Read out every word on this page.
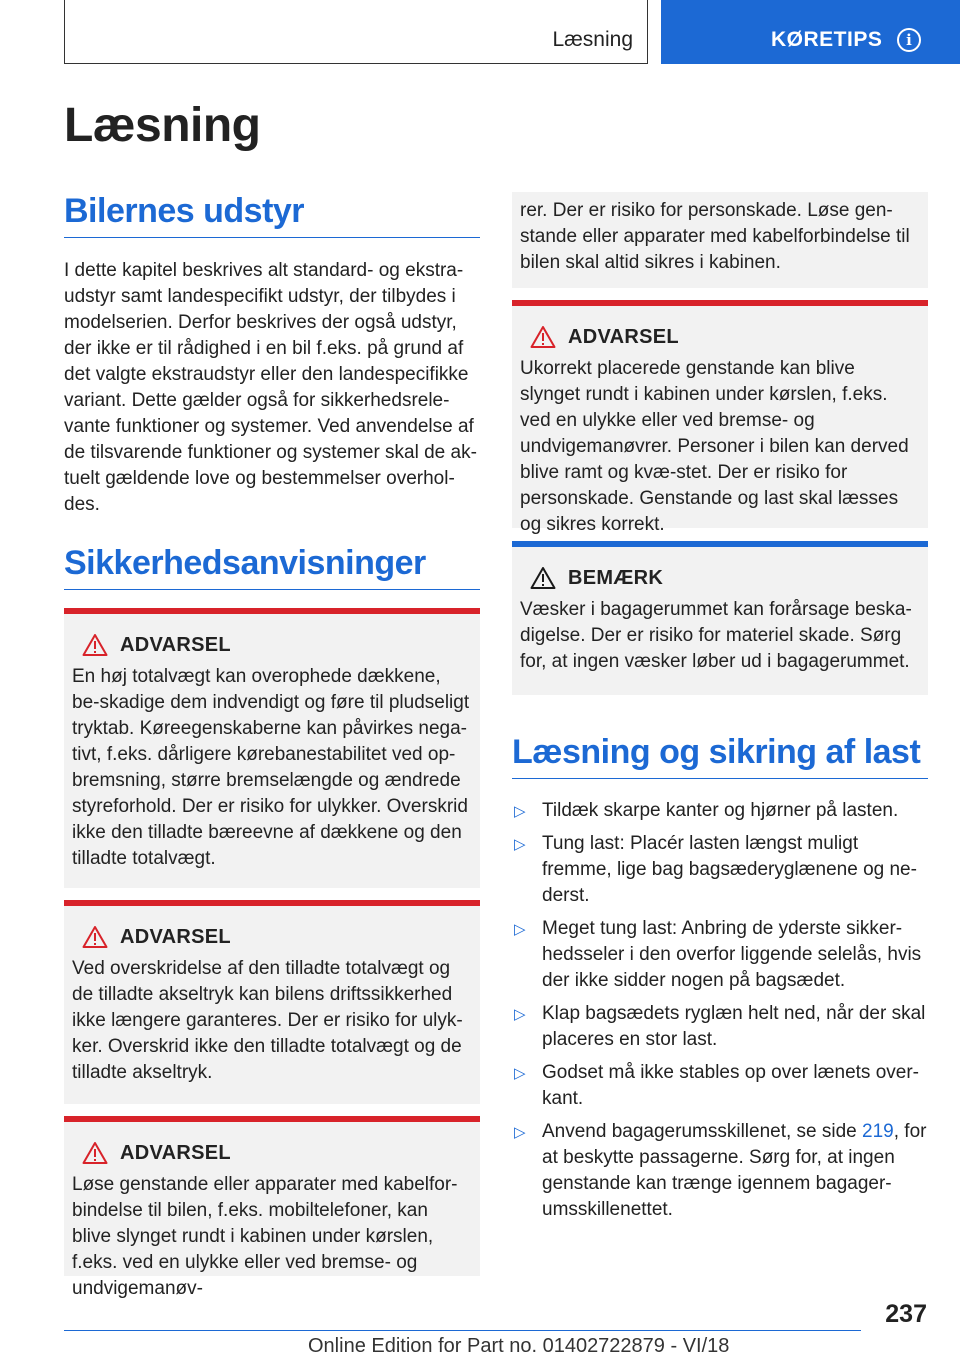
Læsning	KØRETIPS	i
Læsning
Bilernes udstyr

I dette kapitel beskrives alt standard- og ekstra-udstyr samt landespecifikt udstyr, der tilbydes i modelserien. Derfor beskrives der også udstyr, der ikke er til rådighed i en bil f.eks. på grund af det valgte ekstraudstyr eller den landespecifikke variant. Dette gælder også for sikkerhedsrele-vante funktioner og systemer. Ved anvendelse af de tilsvarende funktioner og systemer skal de ak-tuelt gældende love og bestemmelser overhol-des.

Sikkerhedsanvisninger
ADVARSEL

En høj totalvægt kan overophede dækkene, be-skadige dem indvendigt og føre til pludseligt tryktab. Køreegenskaberne kan påvirkes nega-tivt, f.eks. dårligere kørebanestabilitet ved op-bremsning, større bremselængde og ændrede styreforhold. Der er risiko for ulykker. Overskrid ikke den tilladte bæreevne af dækkene og den tilladte totalvægt.

ADVARSEL

Ved overskridelse af den tilladte totalvægt og de tilladte akseltryk kan bilens driftssikkerhed ikke længere garanteres. Der er risiko for ulyk-ker. Overskrid ikke den tilladte totalvægt og de tilladte akseltryk.

ADVARSEL

Løse genstande eller apparater med kabelfor-bindelse til bilen, f.eks. mobiltelefoner, kan blive slynget rundt i kabinen under kørslen, f.eks. ved en ulykke eller ved bremse- og undvigemanøv-

rer. Der er risiko for personskade. Løse gen-stande eller apparater med kabelforbindelse til bilen skal altid sikres i kabinen.

ADVARSEL

Ukorrekt placerede genstande kan blive slynget rundt i kabinen under kørslen, f.eks. ved en ulykke eller ved bremse- og undvigemanøvrer. Personer i bilen kan derved blive ramt og kvæ-stet. Der er risiko for personskade. Genstande og last skal læsses og sikres korrekt.

BEMÆRK

Væsker i bagagerummet kan forårsage beska-digelse. Der er risiko for materiel skade. Sørg for, at ingen væsker løber ud i bagagerummet.

Læsning og sikring af last
▷ Tildæk skarpe kanter og hjørner på lasten.
▷ Tung last: Placér lasten længst muligt fremme, lige bag bagsæderyglænene og ne-derst.
▷ Meget tung last: Anbring de yderste sikker-hedsseler i den overfor liggende selelås, hvis der ikke sidder nogen på bagsædet.
▷ Klap bagsædets ryglæn helt ned, når der skal placeres en stor last.
▷ Godset må ikke stables op over lænets over-kant.
▷ Anvend bagagerumsskillenet, se side 219, for at beskytte passagerne. Sørg for, at ingen genstande kan trænge igennem bagager-umsskillenettet.
237
Online Edition for Part no. 01402722879 - VI/18
